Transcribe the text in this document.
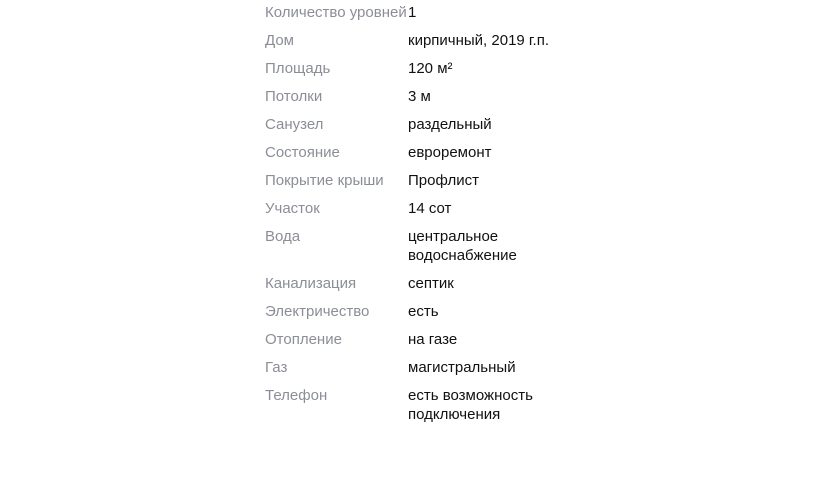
Количество уровней 1
Дом	кирпичный, 2019 г.п.
Площадь	120 м²
Потолки	3 м
Санузел	раздельный
Состояние	евроремонт
Покрытие крыши	Профлист
Участок	14 сот
Вода	центральное водоснабжение
Канализация	септик
Электричество	есть
Отопление	на газе
Газ	магистральный
Телефон	есть возможность подключения
